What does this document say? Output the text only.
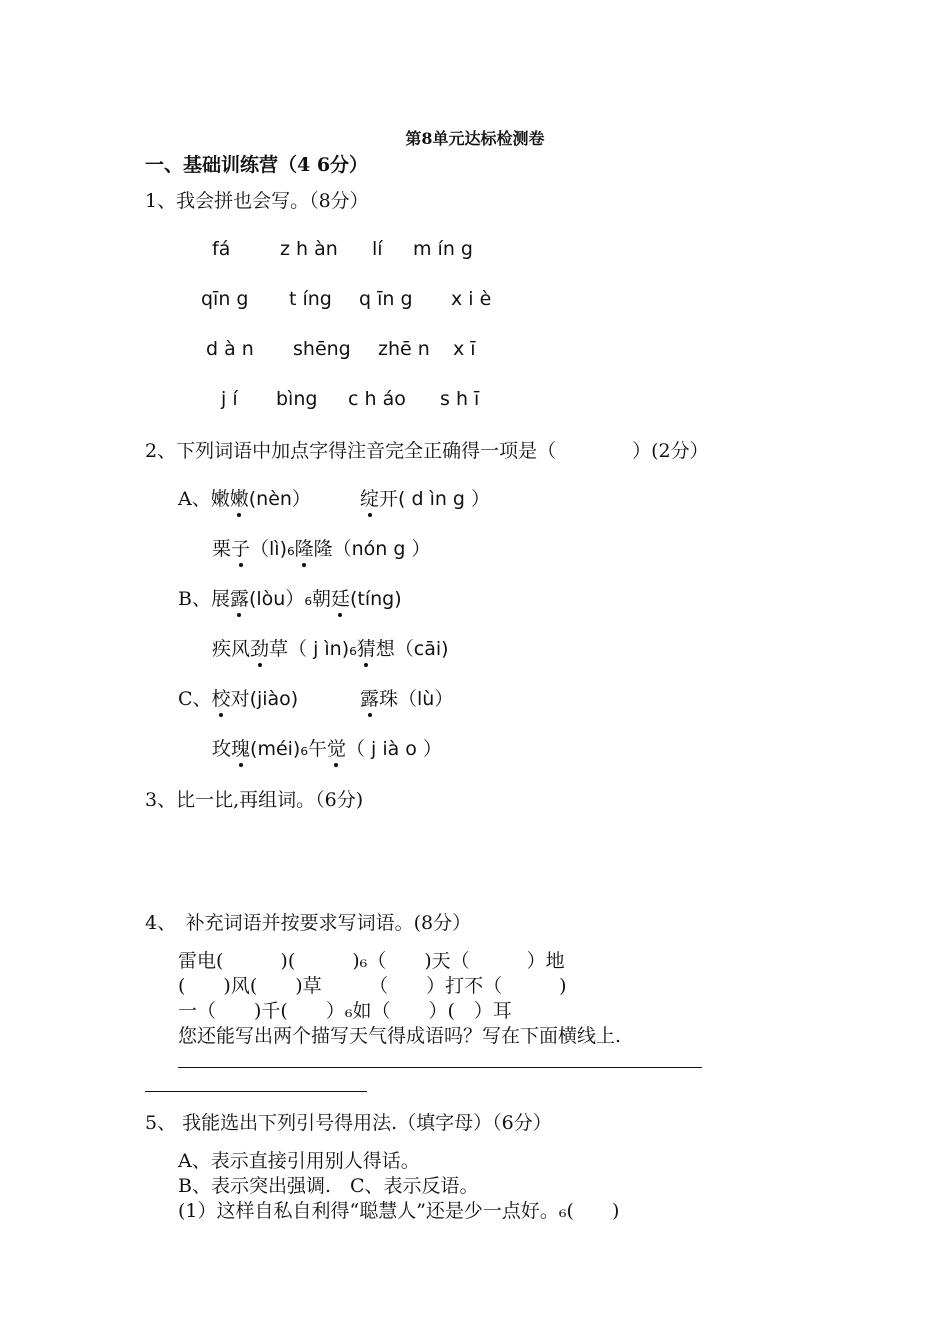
第8单元达标检测卷
一、基础训练营（4 6分）
1、我会拼也会写。（8分）
fá	z h àn lí m ín g
qīn g t íng q īn g x i è
d à n shēng zhē n x ī
j í bìng c h áo s h ī
2、下列词语中加点字得注音完全正确得一项是（　　　　）(2分）
A、嫩嫩(nèn）	绽开( d ìn g ）
栗子（lì)₆隆隆（nón g ）
B、展露(lòu）₆朝廷(tíng)
疾风劲草（ j ìn)₆猜想（cāi)
C、校对(jiào)	露珠（lù）
玫瑰(méi)₆午觉（ j ià o ）
3、比一比,再组词。（6分)
4、　补充词语并按要求写词语。(8分）
雷电(　　　)(　　　)₆（　　)天（　　　）地
(　　)风(　　)草　　　（　　）打不（　　　)
一（　　)千(　　）₆如（　　）(　）耳
您还能写出两个描写天气得成语吗？写在下面横线上.
5、 我能选出下列引号得用法.（填字母）（6分）
A、表示直接引用别人得话。
B、表示突出强调.　C、表示反语。
(1）这样自私自利得“聪慧人”还是少一点好。₆(　　)
